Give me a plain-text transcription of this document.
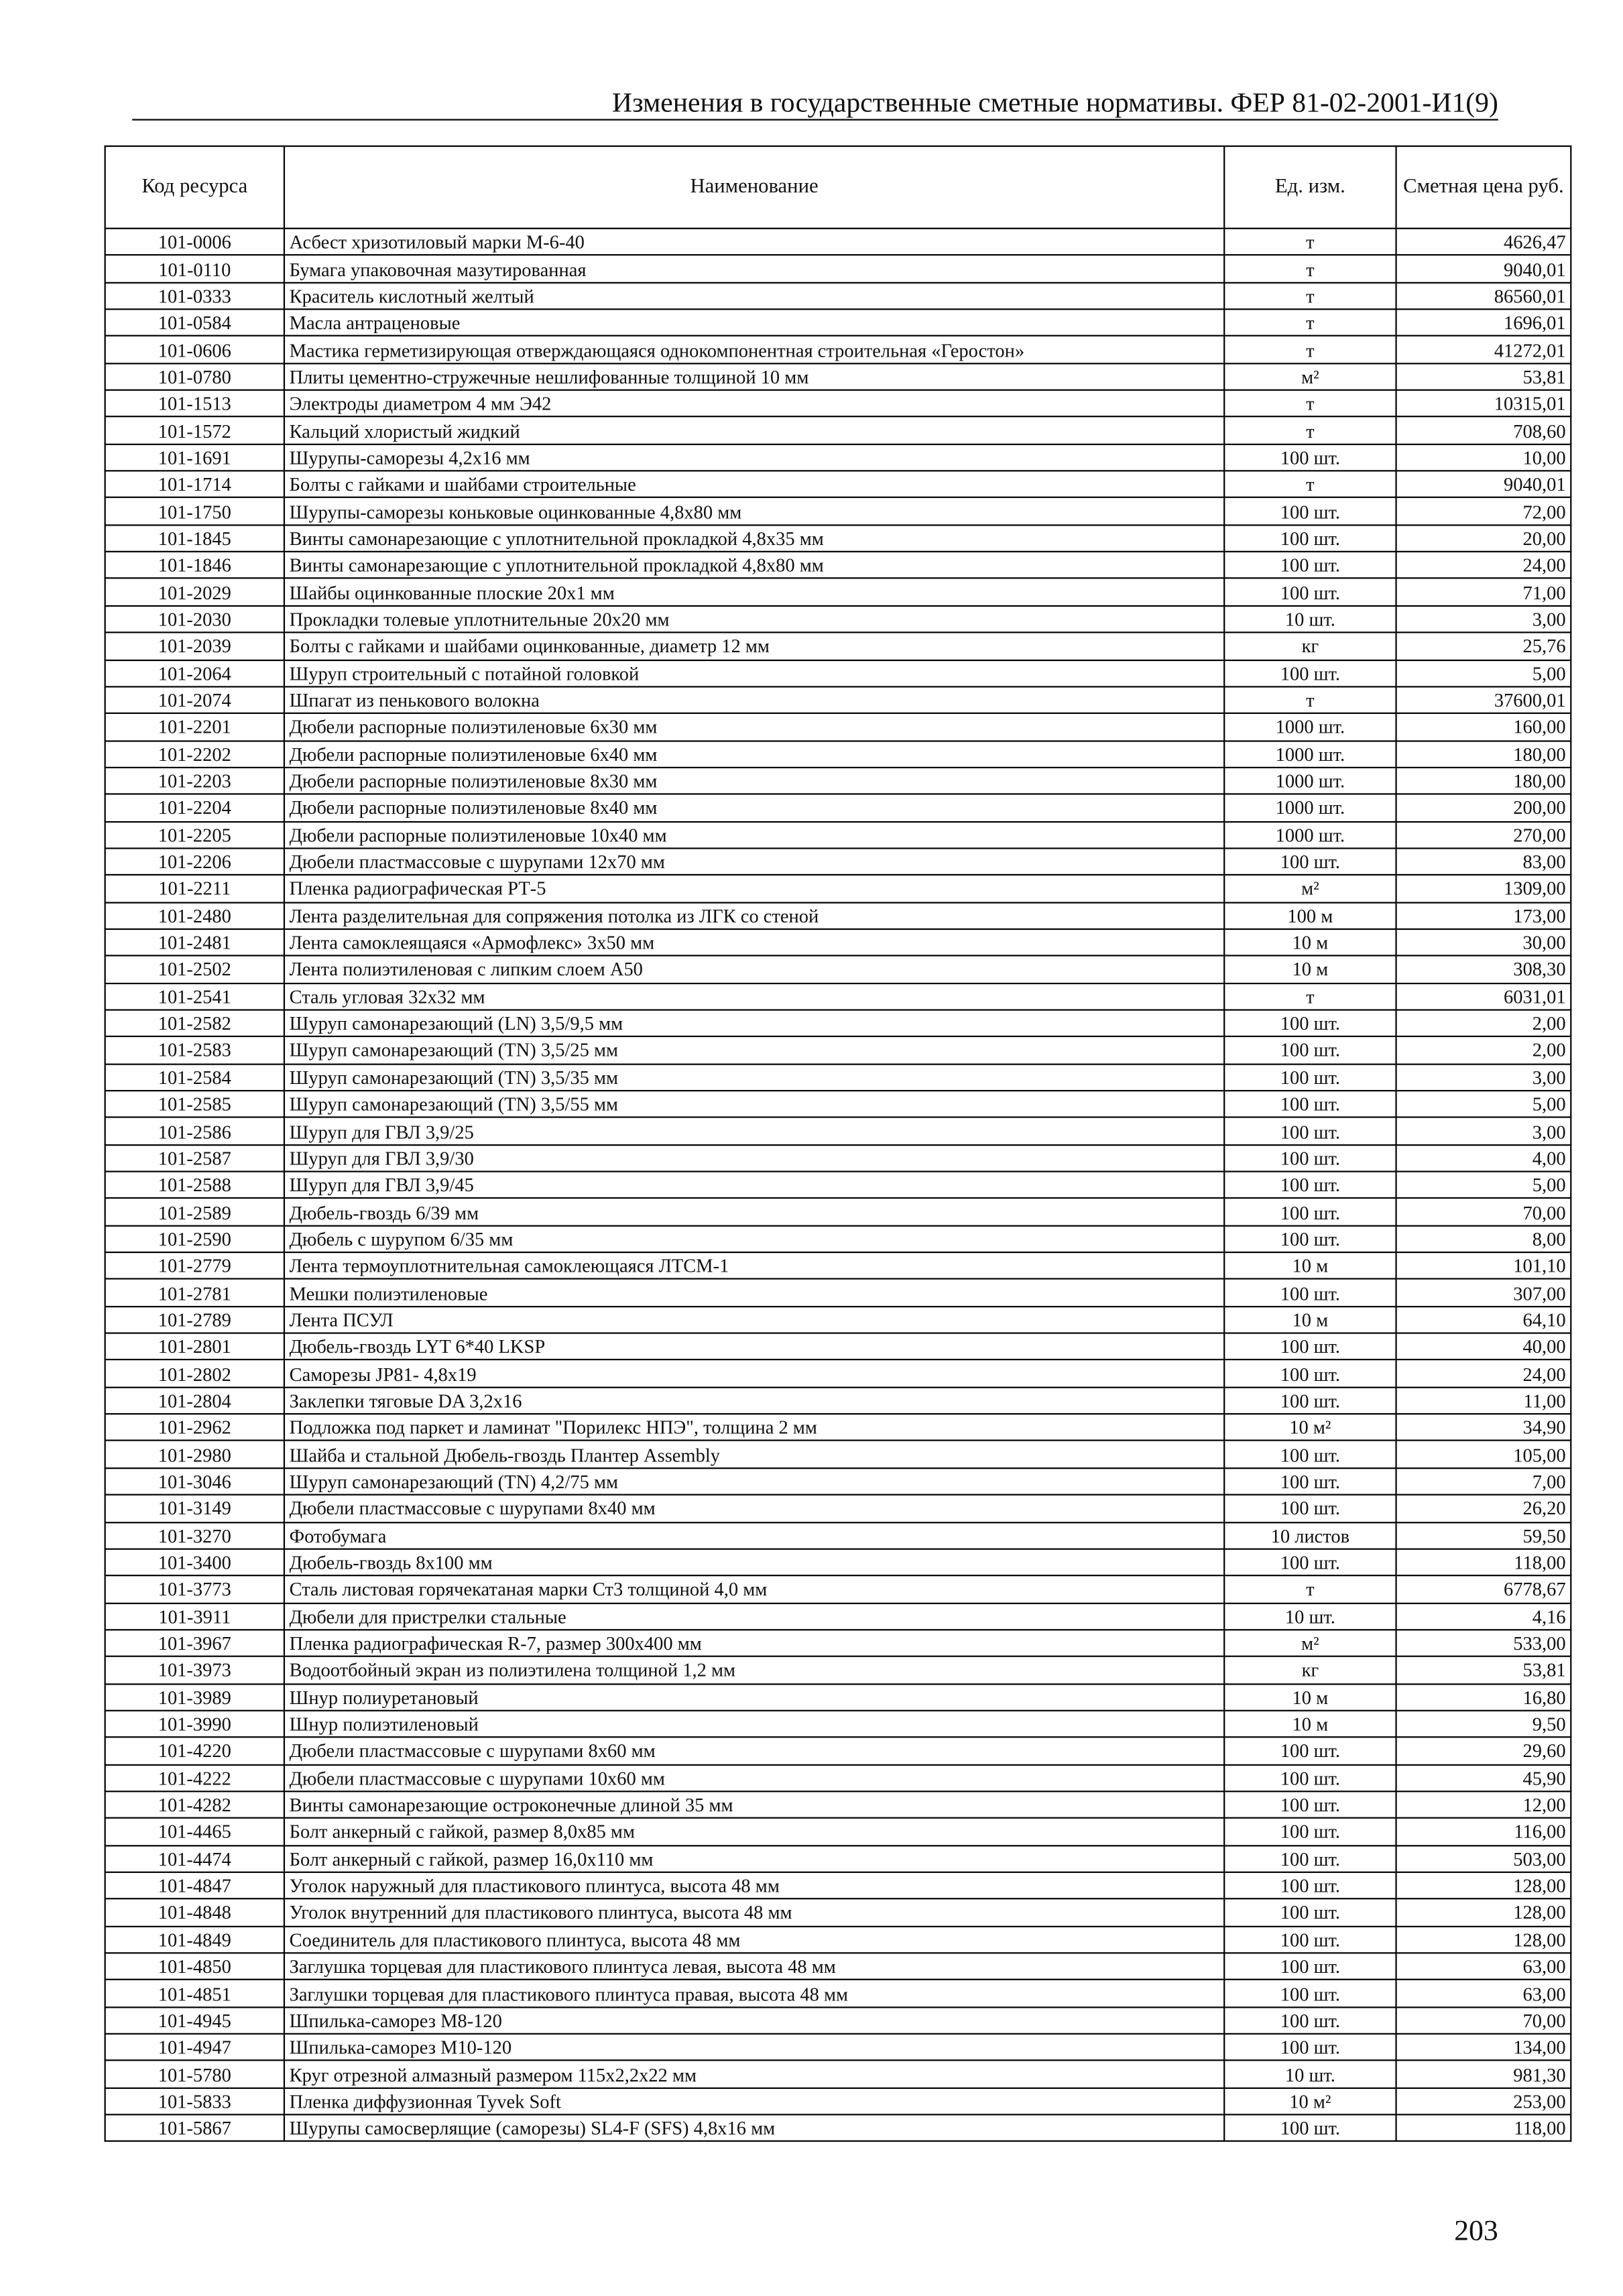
Изменения в государственные сметные нормативы. ФЕР 81-02-2001-И1(9)
Код ресурса	Наименование	Ед. изм.	Сметная цена руб.

101-0006	Асбест хризотиловый марки М-6-40	т	4626,47
101-0110	Бумага упаковочная мазутированная	т	9040,01
101-0333	Краситель кислотный желтый	т	86560,01
101-0584	Масла антраценовые	т	1696,01
101-0606	Мастика герметизирующая отверждающаяся однокомпонентная строительная «Геростон»	т	41272,01
101-0780	Плиты цементно-стружечные нешлифованные толщиной 10 мм	м²	53,81
101-1513	Электроды диаметром 4 мм Э42	т	10315,01
101-1572	Кальций хлористый жидкий	т	708,60
101-1691	Шурупы-саморезы 4,2х16 мм	100 шт.	10,00
101-1714	Болты с гайками и шайбами строительные	т	9040,01
101-1750	Шурупы-саморезы коньковые оцинкованные 4,8х80 мм	100 шт.	72,00
101-1845	Винты самонарезающие с уплотнительной прокладкой 4,8х35 мм	100 шт.	20,00
101-1846	Винты самонарезающие с уплотнительной прокладкой 4,8х80 мм	100 шт.	24,00
101-2029	Шайбы оцинкованные плоские 20х1 мм	100 шт.	71,00
101-2030	Прокладки толевые уплотнительные 20х20 мм	10 шт.	3,00
101-2039	Болты с гайками и шайбами оцинкованные, диаметр 12 мм	кг	25,76
101-2064	Шуруп строительный с потайной головкой	100 шт.	5,00
101-2074	Шпагат из пенькового волокна	т	37600,01
101-2201	Дюбели распорные полиэтиленовые 6х30 мм	1000 шт.	160,00
101-2202	Дюбели распорные полиэтиленовые 6х40 мм	1000 шт.	180,00
101-2203	Дюбели распорные полиэтиленовые 8х30 мм	1000 шт.	180,00
101-2204	Дюбели распорные полиэтиленовые 8х40 мм	1000 шт.	200,00
101-2205	Дюбели распорные полиэтиленовые 10х40 мм	1000 шт.	270,00
101-2206	Дюбели пластмассовые с шурупами 12х70 мм	100 шт.	83,00
101-2211	Пленка радиографическая РТ-5	м²	1309,00
101-2480	Лента разделительная для сопряжения потолка из ЛГК со стеной	100 м	173,00
101-2481	Лента самоклеящаяся «Армофлекс» 3х50 мм	10 м	30,00
101-2502	Лента полиэтиленовая с липким слоем А50	10 м	308,30
101-2541	Сталь угловая 32х32 мм	т	6031,01
101-2582	Шуруп самонарезающий (LN) 3,5/9,5 мм	100 шт.	2,00
101-2583	Шуруп самонарезающий (TN) 3,5/25 мм	100 шт.	2,00
101-2584	Шуруп самонарезающий (TN) 3,5/35 мм	100 шт.	3,00
101-2585	Шуруп самонарезающий (TN) 3,5/55 мм	100 шт.	5,00
101-2586	Шуруп для ГВЛ 3,9/25	100 шт.	3,00
101-2587	Шуруп для ГВЛ 3,9/30	100 шт.	4,00
101-2588	Шуруп для ГВЛ 3,9/45	100 шт.	5,00
101-2589	Дюбель-гвоздь 6/39 мм	100 шт.	70,00
101-2590	Дюбель с шурупом 6/35 мм	100 шт.	8,00
101-2779	Лента термоуплотнительная самоклеющаяся ЛТСМ-1	10 м	101,10
101-2781	Мешки полиэтиленовые	100 шт.	307,00
101-2789	Лента ПСУЛ	10 м	64,10
101-2801	Дюбель-гвоздь LYT 6*40 LKSP	100 шт.	40,00
101-2802	Саморезы JP81- 4,8х19	100 шт.	24,00
101-2804	Заклепки тяговые DA 3,2х16	100 шт.	11,00
101-2962	Подложка под паркет и ламинат "Порилекс НПЭ", толщина 2 мм	10 м²	34,90
101-2980	Шайба и стальной Дюбель-гвоздь Плантер Assembly	100 шт.	105,00
101-3046	Шуруп самонарезающий (TN) 4,2/75 мм	100 шт.	7,00
101-3149	Дюбели пластмассовые с шурупами 8х40 мм	100 шт.	26,20
101-3270	Фотобумага	10 листов	59,50
101-3400	Дюбель-гвоздь 8х100 мм	100 шт.	118,00
101-3773	Сталь листовая горячекатаная марки Ст3 толщиной 4,0 мм	т	6778,67
101-3911	Дюбели для пристрелки стальные	10 шт.	4,16
101-3967	Пленка радиографическая R-7, размер 300х400 мм	м²	533,00
101-3973	Водоотбойный экран из полиэтилена толщиной 1,2 мм	кг	53,81
101-3989	Шнур полиуретановый	10 м	16,80
101-3990	Шнур полиэтиленовый	10 м	9,50
101-4220	Дюбели пластмассовые с шурупами 8х60 мм	100 шт.	29,60
101-4222	Дюбели пластмассовые с шурупами 10х60 мм	100 шт.	45,90
101-4282	Винты самонарезающие остроконечные длиной 35 мм	100 шт.	12,00
101-4465	Болт анкерный с гайкой, размер 8,0х85 мм	100 шт.	116,00
101-4474	Болт анкерный с гайкой, размер 16,0х110 мм	100 шт.	503,00
101-4847	Уголок наружный для пластикового плинтуса, высота 48 мм	100 шт.	128,00
101-4848	Уголок внутренний для пластикового плинтуса, высота 48 мм	100 шт.	128,00
101-4849	Соединитель для пластикового плинтуса, высота 48 мм	100 шт.	128,00
101-4850	Заглушка торцевая для пластикового плинтуса левая, высота 48 мм	100 шт.	63,00
101-4851	Заглушки торцевая для пластикового плинтуса правая, высота 48 мм	100 шт.	63,00
101-4945	Шпилька-саморез М8-120	100 шт.	70,00
101-4947	Шпилька-саморез М10-120	100 шт.	134,00
101-5780	Круг отрезной алмазный размером 115х2,2х22 мм	10 шт.	981,30
101-5833	Пленка диффузионная Tyvek Soft	10 м²	253,00
101-5867	Шурупы самосверлящие (саморезы) SL4-F (SFS) 4,8х16 мм	100 шт.	118,00
203
